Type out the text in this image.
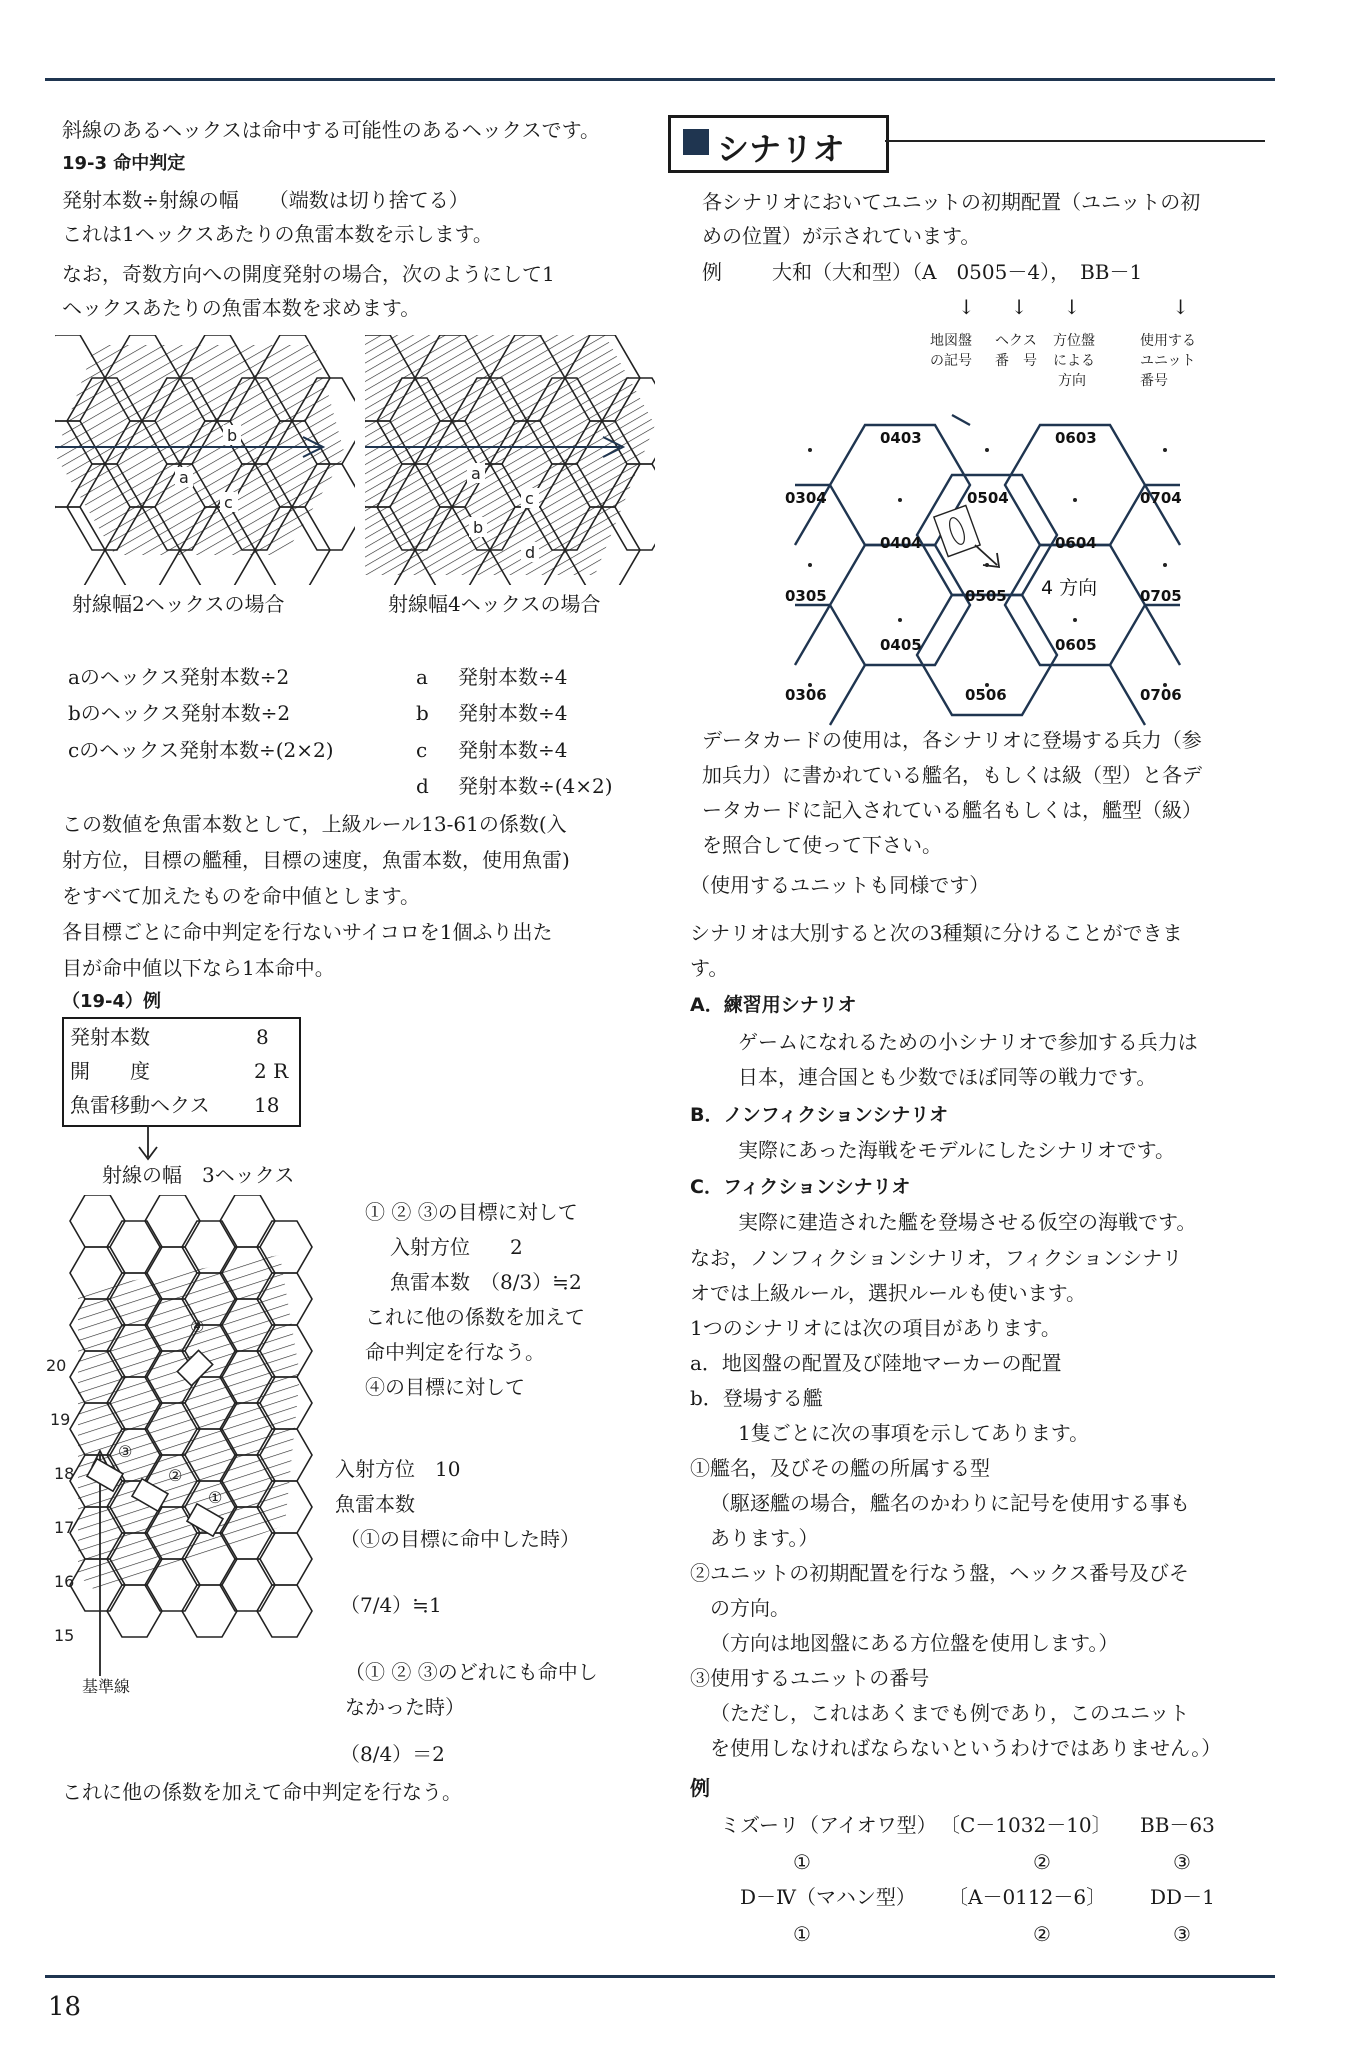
斜線のあるヘックスは命中する可能性のあるヘックスです。
19-3 命中判定
発射本数÷射線の幅　　（端数は切り捨てる）
これは1ヘックスあたりの魚雷本数を示します。
なお，奇数方向への開度発射の場合，次のようにして1
ヘックスあたりの魚雷本数を求めます。
b
a
c
a
c
b
d
射線幅2ヘックスの場合	射線幅4ヘックスの場合
aのヘックス発射本数÷2	a 発射本数÷4
bのヘックス発射本数÷2	b 発射本数÷4
cのヘックス発射本数÷(2×2)	c 発射本数÷4
d 発射本数÷(4×2)
この数値を魚雷本数として，上級ルール13-61の係数(入
射方位，目標の艦種，目標の速度，魚雷本数，使用魚雷)
をすべて加えたものを命中値とします。
各目標ごとに命中判定を行ないサイコロを1個ふり出た
目が命中値以下なら1本命中。
（19-4）例
発射本数	8
開　　度	2 R
魚雷移動ヘクス 18
射線の幅　3ヘックス
④
③
②
①
20
19
18
17
16
15
基準線
① ② ③の目標に対して
入射方位　　2
魚雷本数　（8/3）≒2
これに他の係数を加えて
命中判定を行なう。
④の目標に対して
入射方位　10
魚雷本数
（①の目標に命中した時）
（7/4）≒1
（① ② ③のどれにも命中し
なかった時）
（8/4）＝2
これに他の係数を加えて命中判定を行なう。
シナリオ
各シナリオにおいてユニットの初期配置（ユニットの初
めの位置）が示されています。
例	大和（大和型）（A　0505－4），　BB－1
↓　↓　↓　　　↓
地図盤
の記号
ヘクス
番　号
方位盤
による
方向
使用する
ユニット
番号
0403	0603
0304	0504	0704
0404	0604
0305	0505	0705
0405	0605
0306	0506	0706
4 方向
データカードの使用は，各シナリオに登場する兵力（参
加兵力）に書かれている艦名，もしくは級（型）と各デ
ータカードに記入されている艦名もしくは，艦型（級）
を照合して使って下さい。
（使用するユニットも同様です）
シナリオは大別すると次の3種類に分けることができま
す。
A．練習用シナリオ
ゲームになれるための小シナリオで参加する兵力は
日本，連合国とも少数でほぼ同等の戦力です。
B．ノンフィクションシナリオ
実際にあった海戦をモデルにしたシナリオです。
C．フィクションシナリオ
実際に建造された艦を登場させる仮空の海戦です。
なお，ノンフィクションシナリオ，フィクションシナリ
オでは上級ルール，選択ルールも使います。
1つのシナリオには次の項目があります。
a．地図盤の配置及び陸地マーカーの配置
b．登場する艦
　1隻ごとに次の事項を示してあります。
①艦名，及びその艦の所属する型
（駆逐艦の場合，艦名のかわりに記号を使用する事も
あります。）
②ユニットの初期配置を行なう盤，ヘックス番号及びそ
の方向。
（方向は地図盤にある方位盤を使用します。）
③使用するユニットの番号
（ただし，これはあくまでも例であり，このユニット
を使用しなければならないというわけではありません。）
例
ミズーリ（アイオワ型） 〔C－1032－10〕 BB－63
①	②	③
D－Ⅳ（マハン型） 〔A－0112－6〕 DD－1
①	②	③
18
